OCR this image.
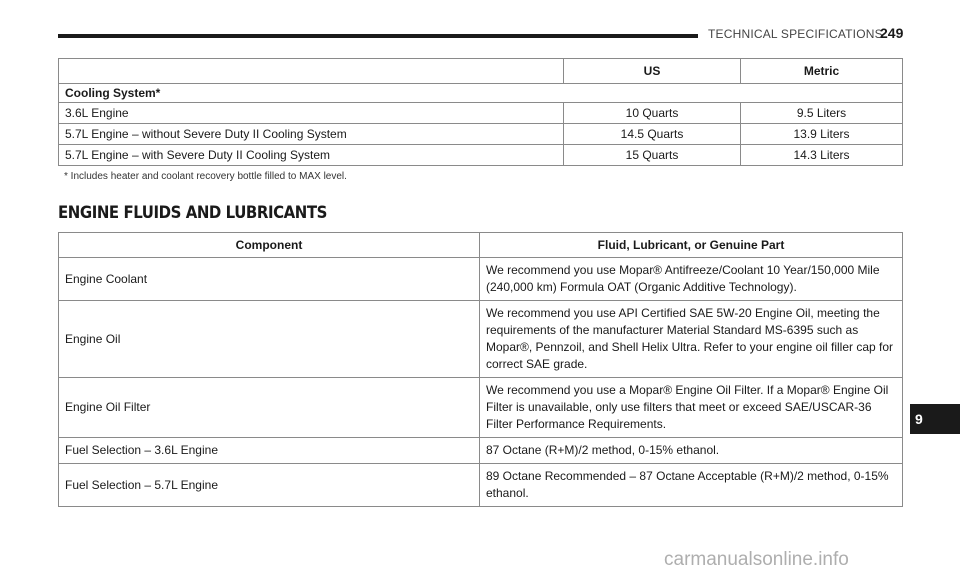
TECHNICAL SPECIFICATIONS
249
	US	Metric
Cooling System*		
3.6L Engine	10 Quarts	9.5 Liters
5.7L Engine – without Severe Duty II Cooling System	14.5 Quarts	13.9 Liters
5.7L Engine – with Severe Duty II Cooling System	15 Quarts	14.3 Liters
* Includes heater and coolant recovery bottle filled to MAX level.
ENGINE FLUIDS AND LUBRICANTS
Component	Fluid, Lubricant, or Genuine Part
Engine Coolant	We recommend you use Mopar® Antifreeze/Coolant 10 Year/150,000 Mile (240,000 km) Formula OAT (Organic Additive Technology).
Engine Oil	We recommend you use API Certified SAE 5W-20 Engine Oil, meeting the requirements of the manufacturer Material Standard MS-6395 such as Mopar®, Pennzoil, and Shell Helix Ultra. Refer to your engine oil filler cap for correct SAE grade.
Engine Oil Filter	We recommend you use a Mopar® Engine Oil Filter. If a Mopar® Engine Oil Filter is unavailable, only use filters that meet or exceed SAE/USCAR-36 Filter Performance Requirements.
Fuel Selection – 3.6L Engine	87 Octane (R+M)/2 method, 0-15% ethanol.
Fuel Selection – 5.7L Engine	89 Octane Recommended – 87 Octane Acceptable (R+M)/2 method, 0-15% ethanol.
9
carmanualsonline.info
